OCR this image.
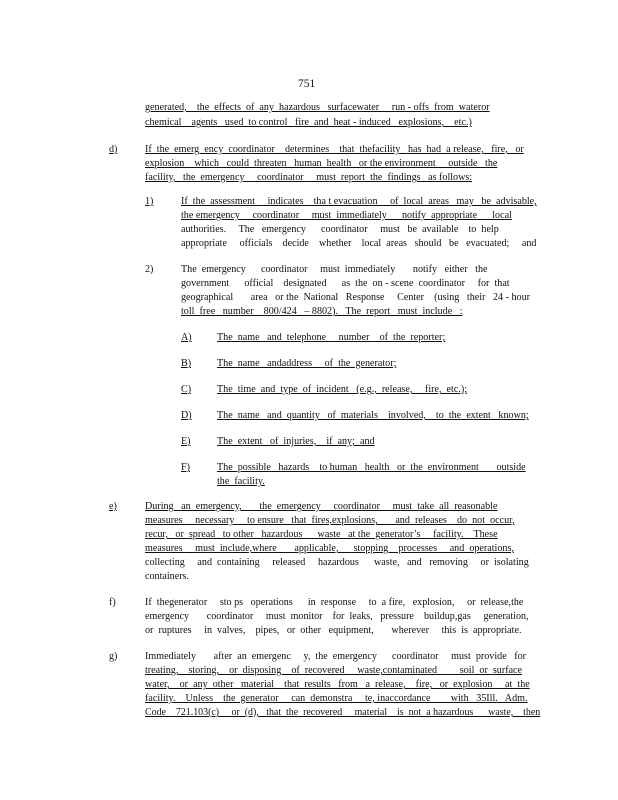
751
generated,    the  effects  of  any  hazardous   surfacewater     run - offs  from  wateror
chemical    agents   used  to control   fire  and  heat - induced   explosions,    etc.)
d)	If  the  emerg  ency  coordinator    determines    that  thefacility   has  had  a release,   fire,   or
explosion    which   could  threaten   human  health   or the environment     outside   the
facility,   the  emergency     coordinator     must  report  the  findings   as follows:
1)	If  the  assessment     indicates    tha t evacuation     of  local  areas   may   be  advisable,
the emergency     coordinator     must  immediately      notify  appropriate      local
authorities.     The   emergency      coordinator     must   be  available    to  help
appropriate     officials    decide    whether    local  areas   should   be   evacuated;     and
2)	The  emergency      coordinator     must  immediately       notify   either   the
government      official    designated      as  the  on - scene  coordinator     for  that
geographical       area   or the  National   Response     Center    (using   their   24 - hour
toll  free   number    800/424   – 8802).   The  report   must  include   :
A)	The  name   and  telephone     number    of  the  reporter;
B)	The  name   andaddress     of  the  generator;
C)	The  time  and  type  of  incident   (e.g.,  release,     fire,  etc.);
D)	The  name   and  quantity   of  materials    involved,    to  the  extent   known;
E)	The  extent   of  injuries,    if  any;  and
F)	The  possible   hazards    to human   health   or  the  environment       outside
the  facility.
e)	During   an  emergency,       the  emergency     coordinator     must  take  all  reasonable
measures     necessary     to ensure   that  fires,explosions,       and  releases    do  not  occur,
recur,   or  spread   to other   hazardous      waste   at the  generator’s     facility.    These
measures     must  include,where       applicable,      stopping    processes     and  operations,
collecting     and  containing     released     hazardous      waste,   and   removing     or  isolating
containers.
f)	If  thegenerator     sto ps   operations      in  response     to  a fire,   explosion,     or  release,the
emergency       coordinator     must  monitor    for  leaks,   pressure    buildup,gas     generation,
or  ruptures     in  valves,    pipes,   or  other   equipment,       wherever     this  is  appropriate.
g)	Immediately       after  an  emergenc     y,  the  emergency      coordinator     must  provide   for
treating,    storing,    or  disposing    of  recovered     waste,contaminated         soil  or  surface
water,    or  any  other   material    that  results   from   a  release,    fire,   or  explosion     at  the
facility.    Unless    the  generator     can  demonstra     te, inaccordance        with   35Ill.   Adm.
Code    721.103(c)     or  (d),   that  the  recovered     material    is  not  a hazardous      waste,    then
